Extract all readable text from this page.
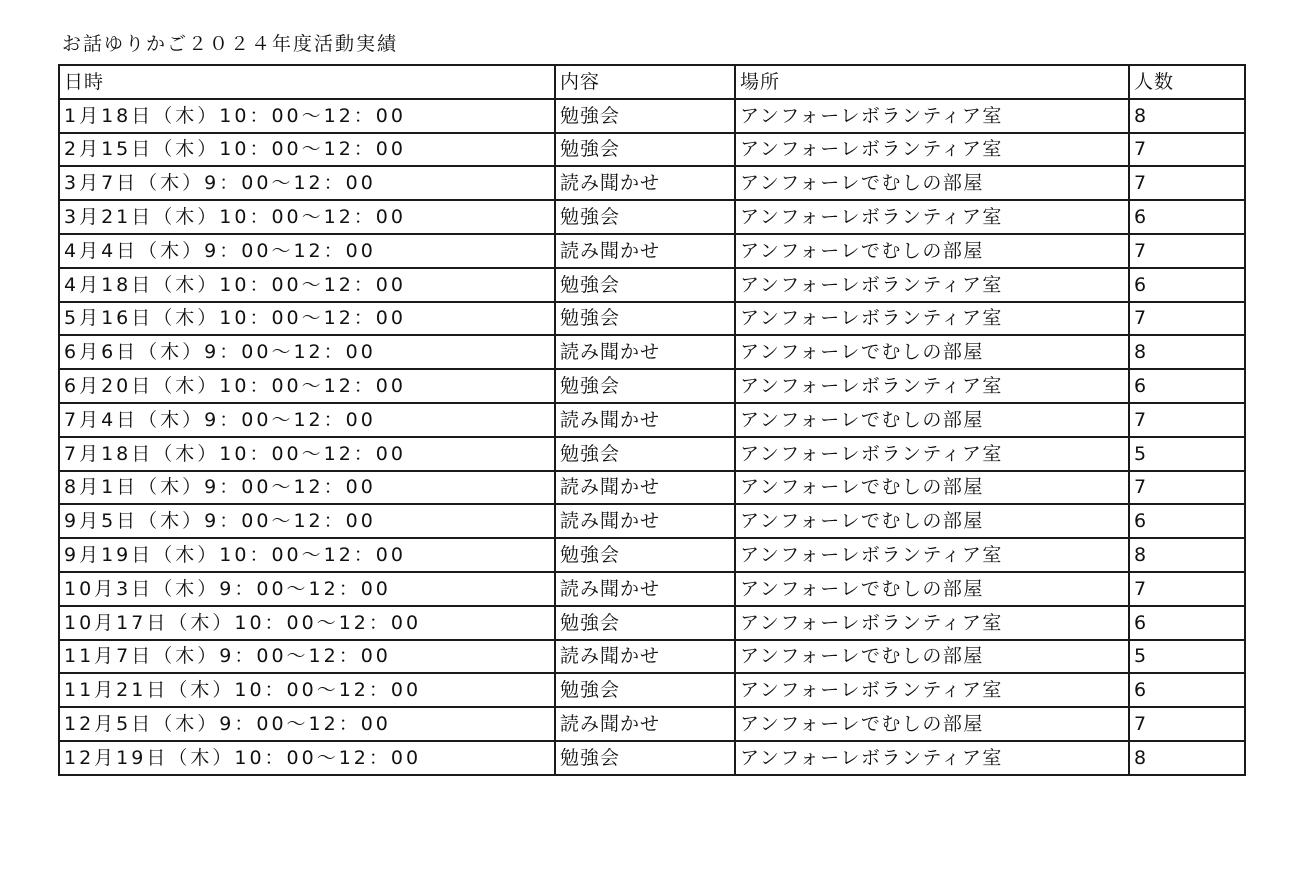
お話ゆりかご２０２４年度活動実績
日時	内容	場所	人数
1月18日（木）10：00～12：00	勉強会	アンフォーレボランティア室	8
2月15日（木）10：00～12：00	勉強会	アンフォーレボランティア室	7
3月7日（木）9：00～12：00	読み聞かせ	アンフォーレでむしの部屋	7
3月21日（木）10：00～12：00	勉強会	アンフォーレボランティア室	6
4月4日（木）9：00～12：00	読み聞かせ	アンフォーレでむしの部屋	7
4月18日（木）10：00～12：00	勉強会	アンフォーレボランティア室	6
5月16日（木）10：00～12：00	勉強会	アンフォーレボランティア室	7
6月6日（木）9：00～12：00	読み聞かせ	アンフォーレでむしの部屋	8
6月20日（木）10：00～12：00	勉強会	アンフォーレボランティア室	6
7月4日（木）9：00～12：00	読み聞かせ	アンフォーレでむしの部屋	7
7月18日（木）10：00～12：00	勉強会	アンフォーレボランティア室	5
8月1日（木）9：00～12：00	読み聞かせ	アンフォーレでむしの部屋	7
9月5日（木）9：00～12：00	読み聞かせ	アンフォーレでむしの部屋	6
9月19日（木）10：00～12：00	勉強会	アンフォーレボランティア室	8
10月3日（木）9：00～12：00	読み聞かせ	アンフォーレでむしの部屋	7
10月17日（木）10：00～12：00	勉強会	アンフォーレボランティア室	6
11月7日（木）9：00～12：00	読み聞かせ	アンフォーレでむしの部屋	5
11月21日（木）10：00～12：00	勉強会	アンフォーレボランティア室	6
12月5日（木）9：00～12：00	読み聞かせ	アンフォーレでむしの部屋	7
12月19日（木）10：00～12：00	勉強会	アンフォーレボランティア室	8
